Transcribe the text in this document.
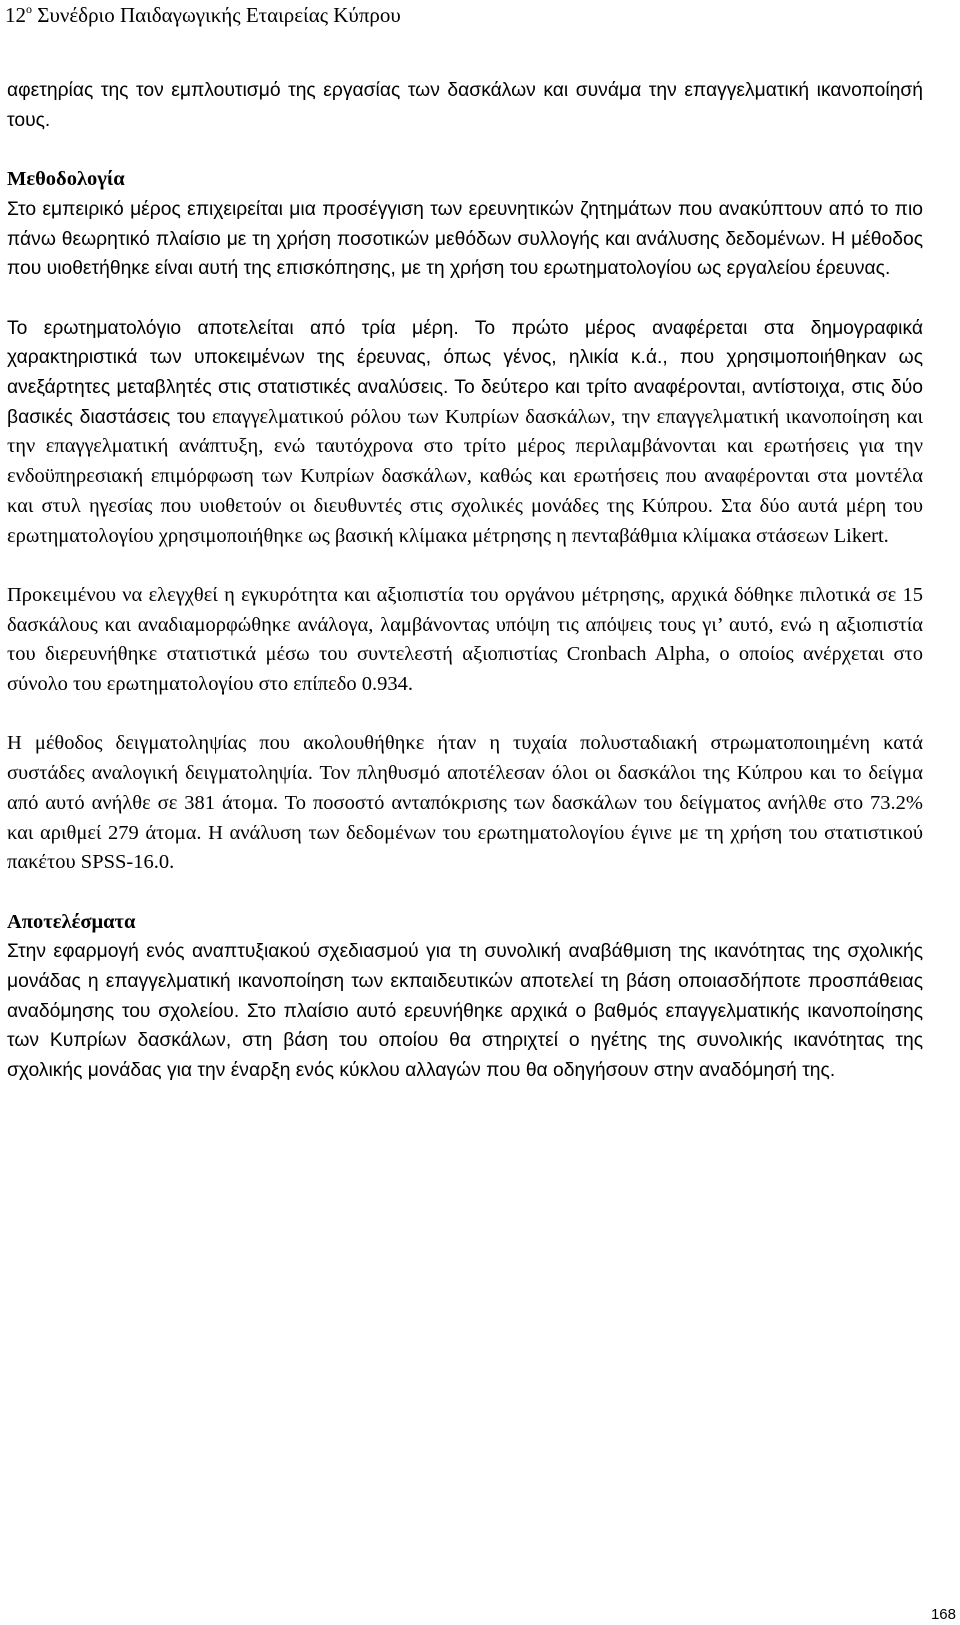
$12^o$ Συνέδριο Παιδαγωγικής Εταιρείας Κύπρου

αφετηρίας της τον εμπλουτισμό της εργασίας των δασκάλων και συνάμα την επαγγελματική ικανοποίησή τους.

Μεθοδολογία

Στο εμπειρικό μέρος επιχειρείται μια προσέγγιση των ερευνητικών ζητημάτων που ανακύπτουν από το πιο πάνω θεωρητικό πλαίσιο με τη χρήση ποσοτικών μεθόδων συλλογής και ανάλυσης δεδομένων. Η μέθοδος που υιοθετήθηκε είναι αυτή της επισκόπησης, με τη χρήση του ερωτηματολογίου ως εργαλείου έρευνας.

Το ερωτηματολόγιο αποτελείται από τρία μέρη. Το πρώτο μέρος αναφέρεται στα δημογραφικά χαρακτηριστικά των υποκειμένων της έρευνας, όπως γένος, ηλικία κ.ά., που χρησιμοποιήθηκαν ως ανεξάρτητες μεταβλητές στις στατιστικές αναλύσεις. Το δεύτερο και τρίτο αναφέρονται, αντίστοιχα, στις δύο βασικές διαστάσεις του επαγγελματικού ρόλου των Κυπρίων δασκάλων, την επαγγελματική ικανοποίηση και την επαγγελματική ανάπτυξη, ενώ ταυτόχρονα στο τρίτο μέρος περιλαμβάνονται και ερωτήσεις για την ενδοϋπηρεσιακή επιμόρφωση των Κυπρίων δασκάλων, καθώς και ερωτήσεις που αναφέρονται στα μοντέλα και στυλ ηγεσίας που υιοθετούν οι διευθυντές στις σχολικές μονάδες της Κύπρου. Στα δύο αυτά μέρη του ερωτηματολογίου χρησιμοποιήθηκε ως βασική κλίμακα μέτρησης η πενταβάθμια κλίμακα στάσεων Likert.

Προκειμένου να ελεγχθεί η εγκυρότητα και αξιοπιστία του οργάνου μέτρησης, αρχικά δόθηκε πιλοτικά σε 15 δασκάλους και αναδιαμορφώθηκε ανάλογα, λαμβάνοντας υπόψη τις απόψεις τους γι’ αυτό, ενώ η αξιοπιστία του διερευνήθηκε στατιστικά μέσω του συντελεστή αξιοπιστίας Cronbach Alpha, ο οποίος ανέρχεται στο σύνολο του ερωτηματολογίου στο επίπεδο 0.934.

Η μέθοδος δειγματοληψίας που ακολουθήθηκε ήταν η τυχαία πολυσταδιακή στρωματοποιημένη κατά συστάδες αναλογική δειγματοληψία. Τον πληθυσμό αποτέλεσαν όλοι οι δασκάλοι της Κύπρου και το δείγμα από αυτό ανήλθε σε 381 άτομα. Το ποσοστό ανταπόκρισης των δασκάλων του δείγματος ανήλθε στο 73.2% και αριθμεί 279 άτομα. Η ανάλυση των δεδομένων του ερωτηματολογίου έγινε με τη χρήση του στατιστικού πακέτου SPSS-16.0.

Αποτελέσματα

Στην εφαρμογή ενός αναπτυξιακού σχεδιασμού για τη συνολική αναβάθμιση της ικανότητας της σχολικής μονάδας η επαγγελματική ικανοποίηση των εκπαιδευτικών αποτελεί τη βάση οποιασδήποτε προσπάθειας αναδόμησης του σχολείου. Στο πλαίσιο αυτό ερευνήθηκε αρχικά ο βαθμός επαγγελματικής ικανοποίησης των Κυπρίων δασκάλων, στη βάση του οποίου θα στηριχτεί ο ηγέτης της συνολικής ικανότητας της σχολικής μονάδας για την έναρξη ενός κύκλου αλλαγών που θα οδηγήσουν στην αναδόμησή της.

168
